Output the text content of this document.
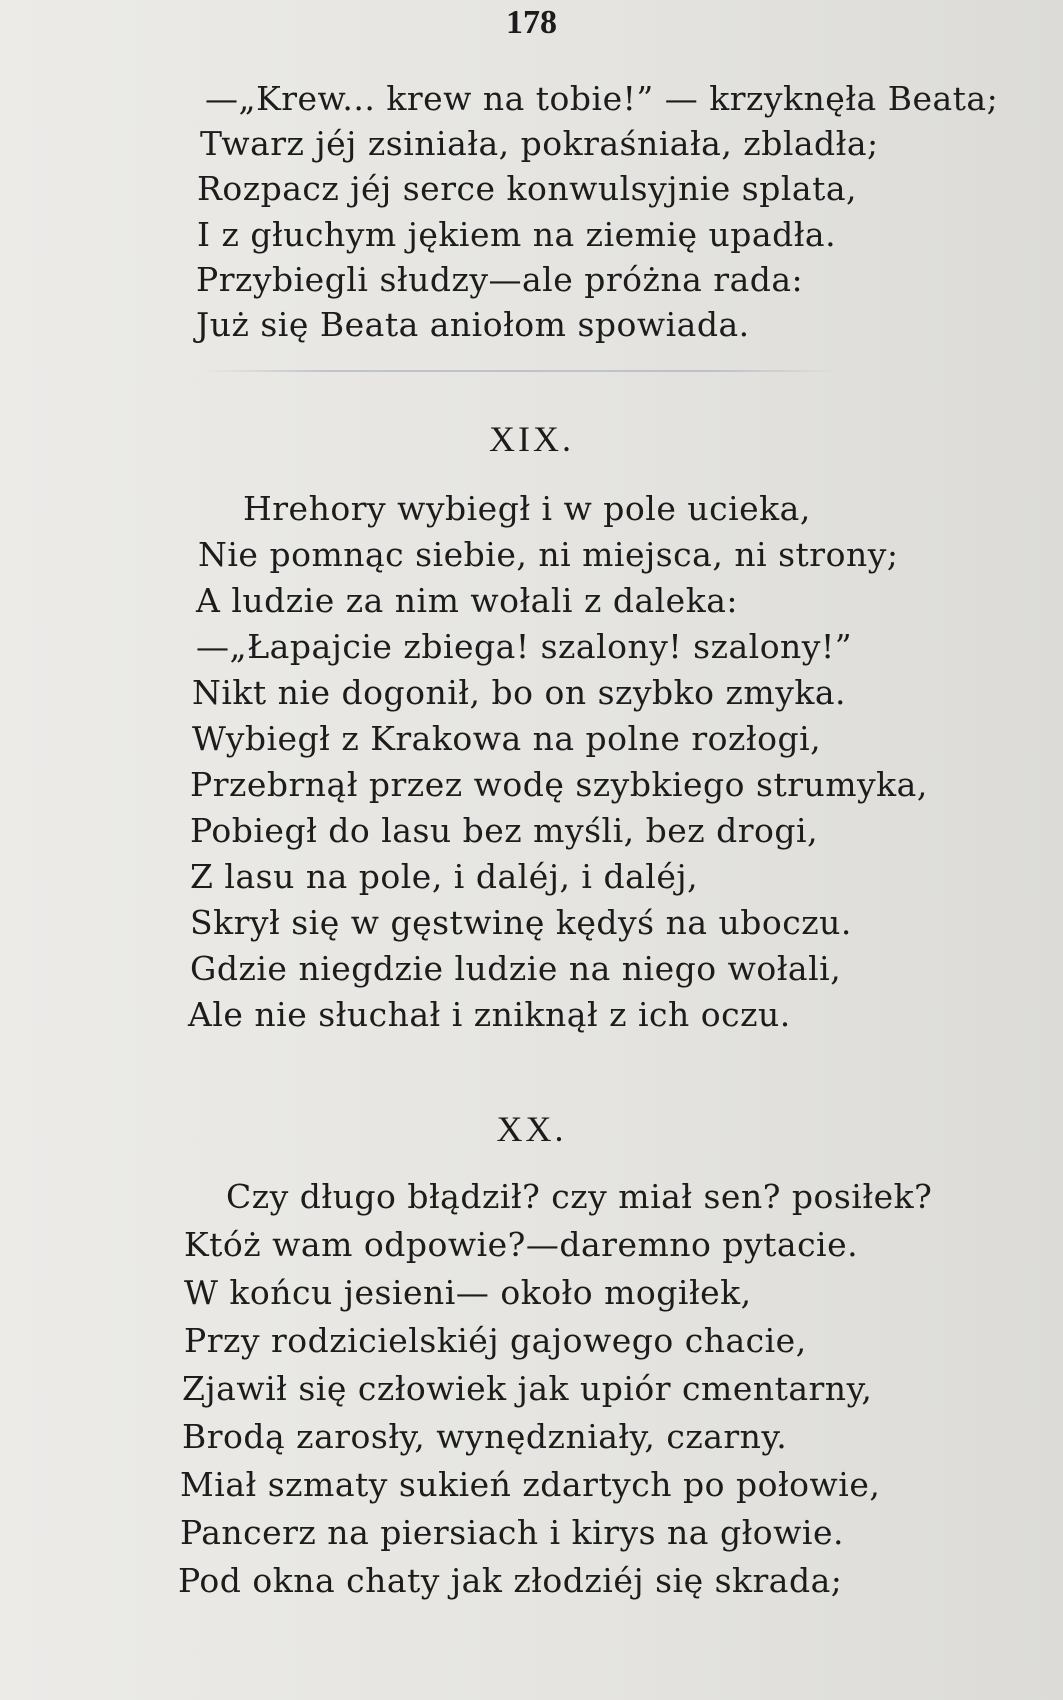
178
—„Krew... krew na tobie!” — krzyknęła Beata;
Twarz jéj zsiniała, pokraśniała, zbladła;
Rozpacz jéj serce konwulsyjnie splata,
I z głuchym jękiem na ziemię upadła.
Przybiegli słudzy—ale próżna rada:
Już się Beata aniołom spowiada.
XIX.
Hrehory wybiegł i w pole ucieka,
Nie pomnąc siebie, ni miejsca, ni strony;
A ludzie za nim wołali z daleka:
—„Łapajcie zbiega! szalony! szalony!”
Nikt nie dogonił, bo on szybko zmyka.
Wybiegł z Krakowa na polne rozłogi,
Przebrnął przez wodę szybkiego strumyka,
Pobiegł do lasu bez myśli, bez drogi,
Z lasu na pole, i daléj, i daléj,
Skrył się w gęstwinę kędyś na uboczu.
Gdzie niegdzie ludzie na niego wołali,
Ale nie słuchał i zniknął z ich oczu.
XX.
Czy długo błądził? czy miał sen? posiłek?
Któż wam odpowie?—daremno pytacie.
W końcu jesieni— około mogiłek,
Przy rodzicielskiéj gajowego chacie,
Zjawił się człowiek jak upiór cmentarny,
Brodą zarosły, wynędzniały, czarny.
Miał szmaty sukień zdartych po połowie,
Pancerz na piersiach i kirys na głowie.
Pod okna chaty jak złodziéj się skrada;
